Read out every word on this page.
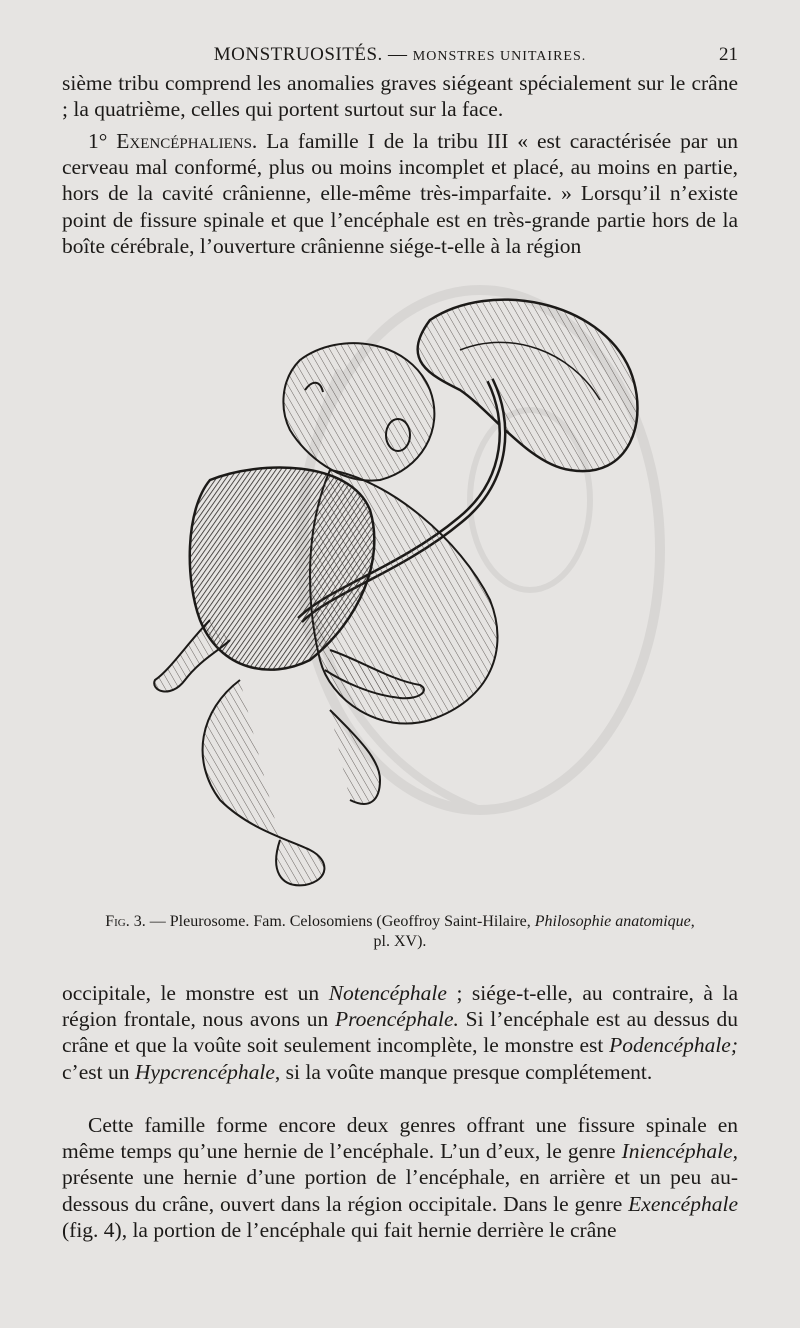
MONSTRUOSITÉS. — MONSTRES UNITAIRES.	21

sième tribu comprend les anomalies graves siégeant spécialement sur le crâne ; la quatrième, celles qui portent surtout sur la face.

1° Exencéphaliens. La famille I de la tribu III « est caractérisée par un cerveau mal conformé, plus ou moins incomplet et placé, au moins en partie, hors de la cavité crânienne, elle-même très-imparfaite. » Lorsqu’il n’existe point de fissure spinale et que l’encéphale est en très-grande partie hors de la boîte cérébrale, l’ouverture crânienne siége-t-elle à la région

Fig. 3. — Pleurosome. Fam. Celosomiens (Geoffroy Saint-Hilaire, Philosophie anatomique, pl. XV).

occipitale, le monstre est un Notencéphale ; siége-t-elle, au contraire, à la région frontale, nous avons un Proencéphale. Si l’encéphale est au dessus du crâne et que la voûte soit seulement incomplète, le monstre est Podencéphale; c’est un Hypcrencéphale, si la voûte manque presque complétement.

Cette famille forme encore deux genres offrant une fissure spinale en même temps qu’une hernie de l’encéphale. L’un d’eux, le genre Iniencéphale, présente une hernie d’une portion de l’encéphale, en arrière et un peu au-dessous du crâne, ouvert dans la région occipitale. Dans le genre Exencéphale (fig. 4), la portion de l’encéphale qui fait hernie derrière le crâne
